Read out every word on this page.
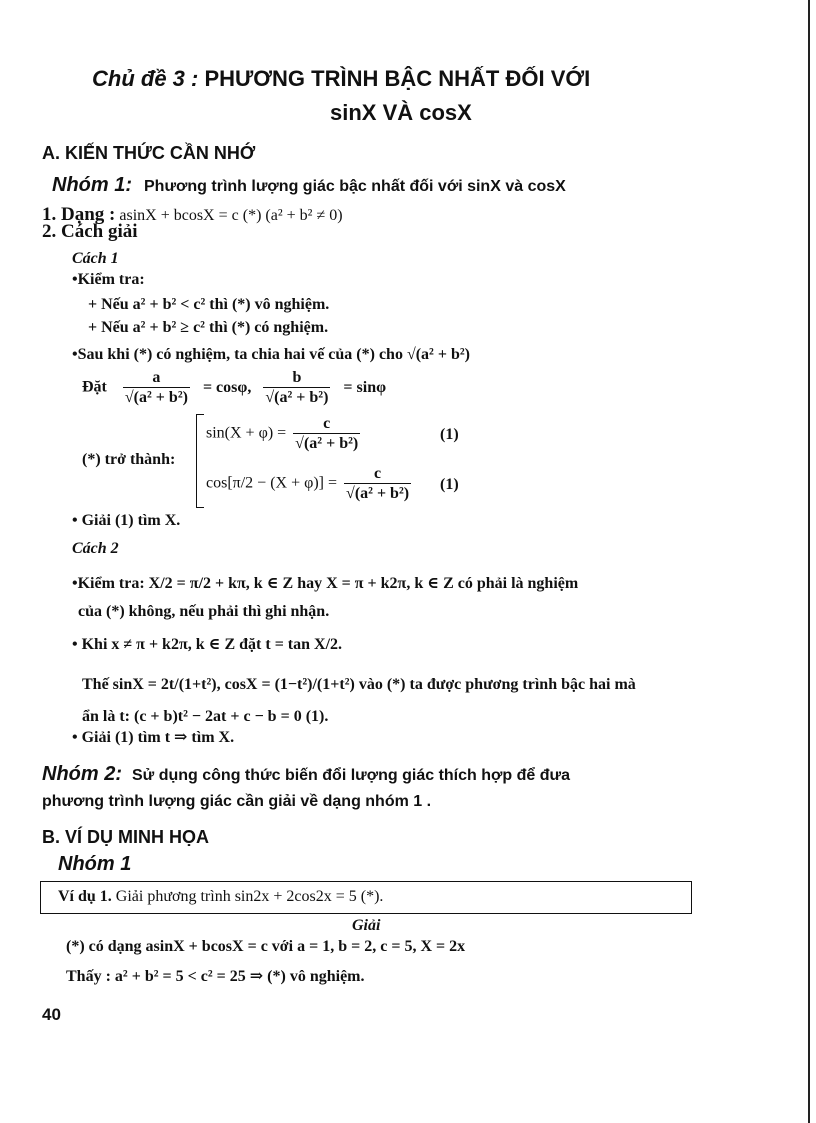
Chủ đề 3 : PHƯƠNG TRÌNH BẬC NHẤT ĐỐI VỚI
sinX VÀ cosX
A. KIẾN THỨC CẦN NHỚ
Nhóm 1: Phương trình lượng giác bậc nhất đối với sinX và cosX
1. Dạng : asinX + bcosX = c (*) (a² + b² ≠ 0)
2. Cách giải
Cách 1
•Kiểm tra:
+ Nếu a² + b² < c² thì (*) vô nghiệm.
+ Nếu a² + b² ≥ c² thì (*) có nghiệm.
•Sau khi (*) có nghiệm, ta chia hai vế của (*) cho √(a² + b²)
Đặt $\frac{a}{\text{√(a² + b²)}} = \cos\varphi$, $\frac{b}{\text{√(a² + b²)}} = \sin\varphi$
(*) trở thành:
$\sin(X + \varphi) = \frac{c}{\text{√(a² + b²)}}$	(1)
$\cos[\pi/2 - (X + \varphi)] = \frac{c}{\text{√(a² + b²)}} (1)$
• Giải (1) tìm X.
Cách 2
•Kiểm tra: X/2 = π/2 + kπ, k ∈ Z hay X = π + k2π, k ∈ Z có phải là nghiệm
của (*) không, nếu phải thì ghi nhận.
• Khi x ≠ π + k2π, k ∈ Z đặt t = tan X/2.
Thế sinX = 2t/(1+t²), cosX = (1−t²)/(1+t²) vào (*) ta được phương trình bậc hai mà
ẩn là t: (c + b)t² − 2at + c − b = 0 (1).
• Giải (1) tìm t ⇒ tìm X.
Nhóm 2: Sử dụng công thức biến đổi lượng giác thích hợp để đưa
phương trình lượng giác cần giải về dạng nhóm 1 .
B. VÍ DỤ MINH HỌA
Nhóm 1
Ví dụ 1. Giải phương trình sin2x + 2cos2x = 5 (*).
Giải
(*) có dạng asinX + bcosX = c với a = 1, b = 2, c = 5, X = 2x
Thấy : a² + b² = 5 < c² = 25 ⇒ (*) vô nghiệm.
40
